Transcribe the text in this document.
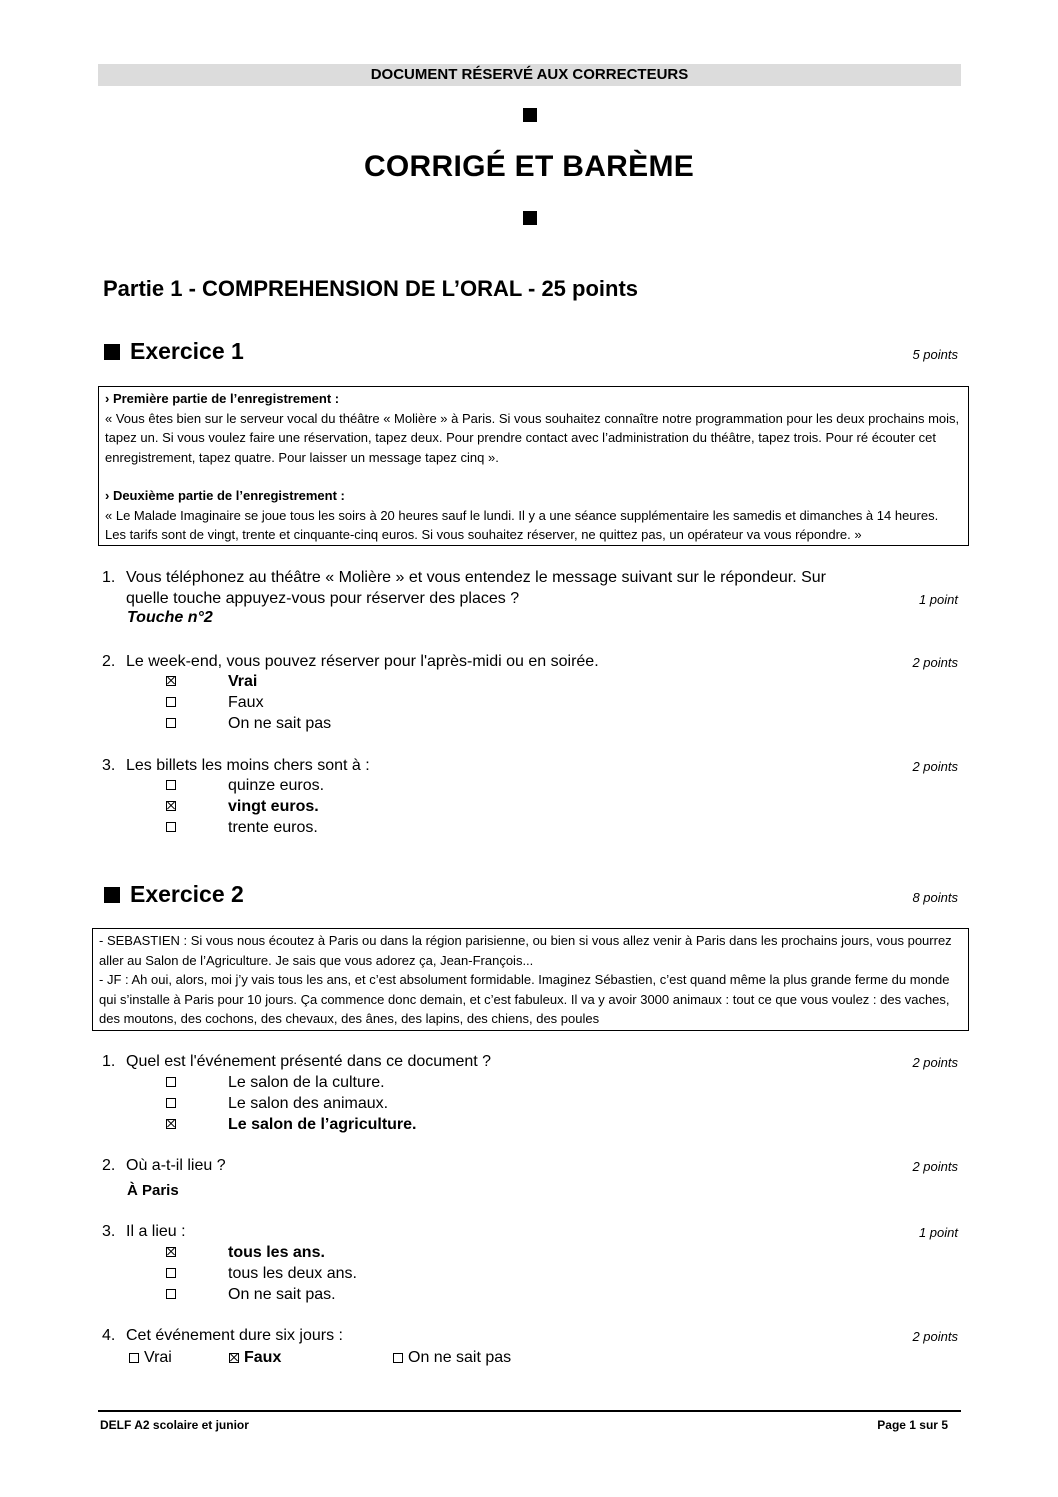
DOCUMENT RÉSERVÉ AUX CORRECTEURS
CORRIGÉ ET BARÈME
Partie 1 - COMPREHENSION DE L’ORAL - 25 points
Exercice 1	5 points
› Première partie de l’enregistrement :
« Vous êtes bien sur le serveur vocal du théâtre « Molière » à Paris. Si vous souhaitez connaître notre programmation pour les deux prochains mois, tapez un. Si vous voulez faire une réservation, tapez deux. Pour prendre contact avec l’administration du théâtre, tapez trois. Pour ré écouter cet enregistrement, tapez quatre. Pour laisser un message tapez cinq ».
› Deuxième partie de l’enregistrement :
« Le Malade Imaginaire se joue tous les soirs à 20 heures sauf le lundi. Il y a une séance supplémentaire les samedis et dimanches à 14 heures. Les tarifs sont de vingt, trente et cinquante-cinq euros. Si vous souhaitez réserver, ne quittez pas, un opérateur va vous répondre. »
1. Vous téléphonez au théâtre « Molière » et vous entendez le message suivant sur le répondeur. Sur
quelle touche appuyez-vous pour réserver des places ?	1 point
Touche n°2
2. Le week-end, vous pouvez réserver pour l'après-midi ou en soirée.	2 points
Vrai
Faux
On ne sait pas
3. Les billets les moins chers sont à :	2 points
quinze euros.
vingt euros.
trente euros.
Exercice 2	8 points
- SEBASTIEN : Si vous nous écoutez à Paris ou dans la région parisienne, ou bien si vous allez venir à Paris dans les prochains jours, vous pourrez aller au Salon de l’Agriculture. Je sais que vous adorez ça, Jean-François...
- JF : Ah oui, alors, moi j’y vais tous les ans, et c’est absolument formidable. Imaginez Sébastien, c’est quand même la plus grande ferme du monde qui s’installe à Paris pour 10 jours. Ça commence donc demain, et c’est fabuleux. Il va y avoir 3000 animaux : tout ce que vous voulez : des vaches, des moutons, des cochons, des chevaux, des ânes, des lapins, des chiens, des poules
1. Quel est l'événement présenté dans ce document ?	2 points
Le salon de la culture.
Le salon des animaux.
Le salon de l’agriculture.
2. Où a-t-il lieu ?	2 points
À Paris
3. Il a lieu :	1 point
tous les ans.
tous les deux ans.
On ne sait pas.
4. Cet événement dure six jours :	2 points
Vrai	Faux	On ne sait pas
DELF A2 scolaire et junior	Page 1 sur 5
